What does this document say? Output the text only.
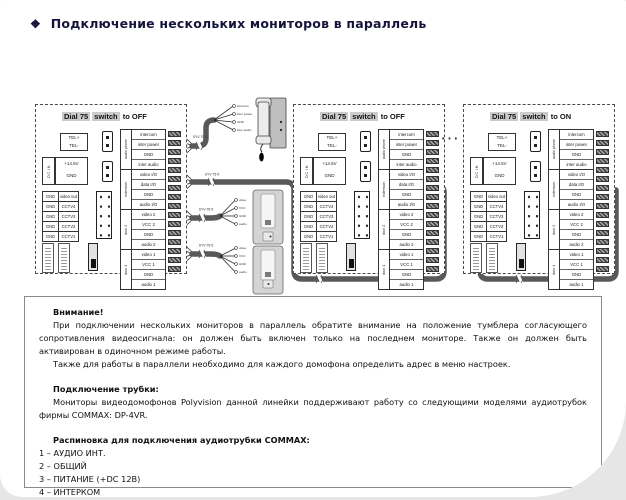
❖ Подключение нескольких мониторов в параллель
SYV-75-5
SYV-75-5
SYV-75-5
SYV-75-5
intercom
inter power
GND
inter audio
video
VCC
GND
audio
video
VCC
GND
audio
Dial 75 switch to OFF
TEL+
TEL-
DC IN
+14.5V
GND
GND	video out
GND	CCTV4
GND	CCTV3
GND	CCTV2
GND	CCTV1
audio phone
intercom
inter power
GND
inter audio
extension
video I/O
data I/O
GND
audio I/O
door 2
video 2
VCC 2
GND
audio 2
door 1
video 1
VCC 1
GND
audio 1
Dial 75 switch to OFF
TEL+
TEL-
DC IN
+14.5V
GND
GND	video out
GND	CCTV4
GND	CCTV3
GND	CCTV2
GND	CCTV1
audio phone
intercom
inter power
GND
inter audio
extension
video I/O
data I/O
GND
audio I/O
door 2
video 2
VCC 2
GND
audio 2
door 1
video 1
VCC 1
GND
audio 1
Dial 75 switch to ON
TEL+
TEL-
DC IN
+14.5V
GND
GND	video out
GND	CCTV4
GND	CCTV3
GND	CCTV2
GND	CCTV1
audio phone
intercom
inter power
GND
inter audio
extension
video I/O
data I/O
GND
audio I/O
door 2
video 2
VCC 2
GND
audio 2
door 1
video 1
VCC 1
GND
audio 1
• • •
Внимание!
При подключении нескольких мониторов в параллель обратите внимание на положение тумблера согласующего сопротивления видеосигнала: он должен быть включен только на последнем мониторе. Также он должен быть активирован в одиночном режиме работы.
Также для работы в параллели необходимо для каждого домофона определить адрес в меню настроек.
Подключение трубки:
Мониторы видеодомофонов Polyvision данной линейки поддерживают работу со следующими моделями аудиотрубок фирмы COMMAX: DP-4VR.
Распиновка для подключения аудиотрубки COMMAX:
1 – АУДИО ИНТ.
2 – ОБЩИЙ
3 – ПИТАНИЕ (+DC 12В)
4 – ИНТЕРКОМ
